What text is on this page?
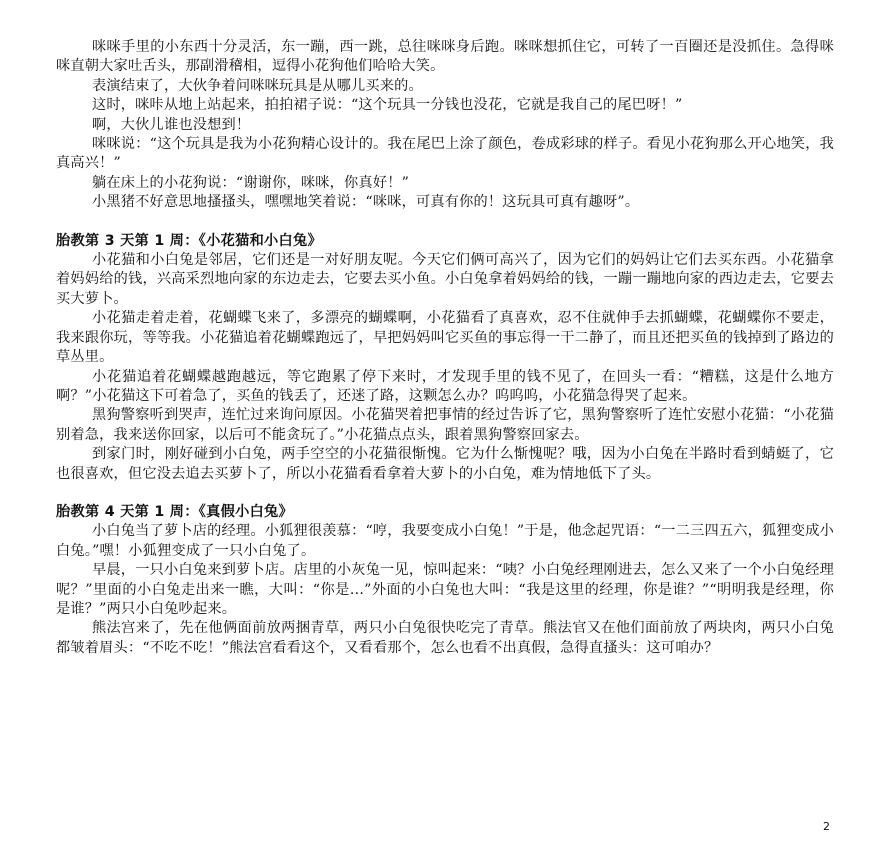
咪咪手里的小东西十分灵活，东一蹦，西一跳，总往咪咪身后跑。咪咪想抓住它，可转了一百圈还是没抓住。急得咪咪直朝大家吐舌头，那副滑稽相，逗得小花狗他们哈哈大笑。

表演结束了，大伙争着问咪咪玩具是从哪儿买来的。

这时，咪咔从地上站起来，拍拍裙子说：“这个玩具一分钱也没花，它就是我自己的尾巴呀！”

啊，大伙儿谁也没想到！

咪咪说：“这个玩具是我为小花狗精心设计的。我在尾巴上涂了颜色，卷成彩球的样子。看见小花狗那么开心地笑，我真高兴！”

躺在床上的小花狗说：“谢谢你，咪咪，你真好！”

小黑猪不好意思地搔搔头，嘿嘿地笑着说：“咪咪，可真有你的！这玩具可真有趣呀”。

胎教第 3 天第 1 周：《小花猫和小白兔》

小花猫和小白兔是邻居，它们还是一对好朋友呢。今天它们俩可高兴了，因为它们的妈妈让它们去买东西。小花猫拿着妈妈给的钱，兴高采烈地向家的东边走去，它要去买小鱼。小白兔拿着妈妈给的钱，一蹦一蹦地向家的西边走去，它要去买大萝卜。

小花猫走着走着，花蝴蝶飞来了，多漂亮的蝴蝶啊，小花猫看了真喜欢，忍不住就伸手去抓蝴蝶，花蝴蝶你不要走，我来跟你玩，等等我。小花猫追着花蝴蝶跑远了，早把妈妈叫它买鱼的事忘得一干二静了，而且还把买鱼的钱掉到了路边的草丛里。

小花猫追着花蝴蝶越跑越远，等它跑累了停下来时，才发现手里的钱不见了，在回头一看：“糟糕，这是什么地方啊？”小花猫这下可着急了，买鱼的钱丢了，还迷了路，这颗怎么办？呜呜呜，小花猫急得哭了起来。

黑狗警察听到哭声，连忙过来询问原因。小花猫哭着把事情的经过告诉了它，黑狗警察听了连忙安慰小花猫：“小花猫别着急，我来送你回家，以后可不能贪玩了。”小花猫点点头，跟着黑狗警察回家去。

到家门时，刚好碰到小白兔，两手空空的小花猫很惭愧。它为什么惭愧呢？哦，因为小白兔在半路时看到蜻蜓了，它也很喜欢，但它没去追去买萝卜了，所以小花猫看看拿着大萝卜的小白兔，难为情地低下了头。

胎教第 4 天第 1 周：《真假小白兔》

小白兔当了萝卜店的经理。小狐狸很羡慕：“哼，我要变成小白兔！”于是，他念起咒语：“一二三四五六，狐狸变成小白兔。”嘿！小狐狸变成了一只小白兔了。

早晨，一只小白兔来到萝卜店。店里的小灰兔一见，惊叫起来：“咦？小白兔经理刚进去，怎么又来了一个小白兔经理呢？”里面的小白兔走出来一瞧，大叫：“你是…”外面的小白兔也大叫：“我是这里的经理，你是谁？”“明明我是经理，你是谁？”两只小白兔吵起来。

熊法宫来了，先在他俩面前放两捆青草，两只小白兔很快吃完了青草。熊法官又在他们面前放了两块肉，两只小白兔都皱着眉头：“不吃不吃！”熊法宫看看这个，又看看那个，怎么也看不出真假，急得直搔头：这可咱办？

2
